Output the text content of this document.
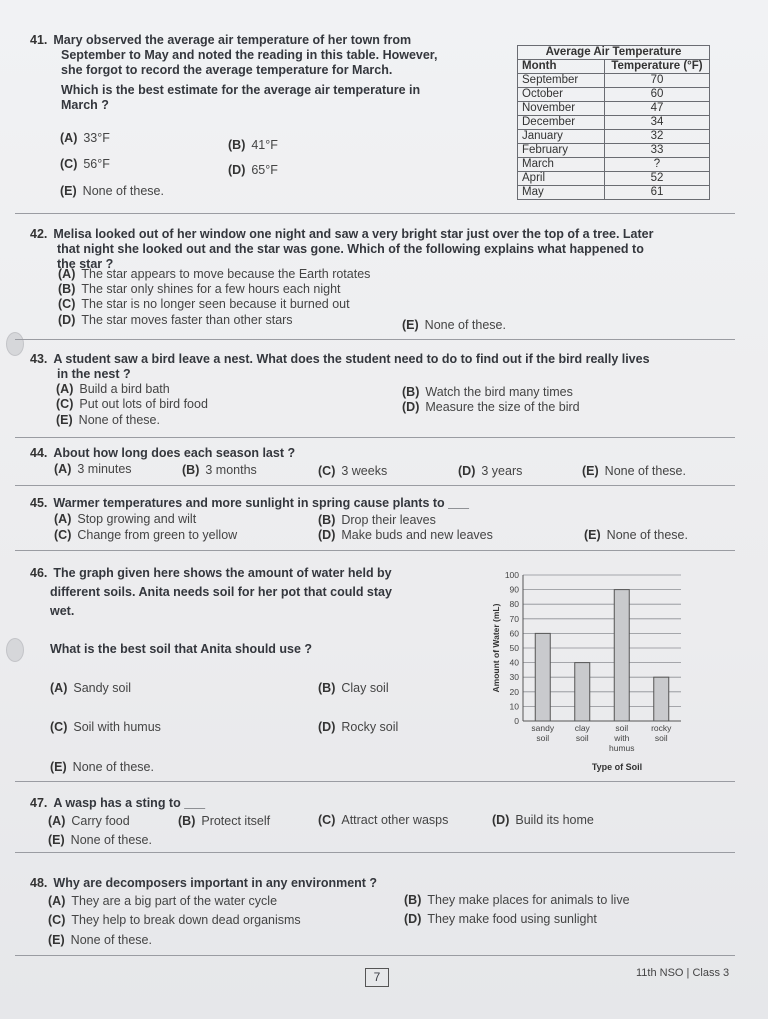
41. Mary observed the average air temperature of her town from
September to May and noted the reading in this table. However,
she forgot to record the average temperature for March.
Which is the best estimate for the average air temperature in
March ?
(A) 33°F	(B) 41°F
(C) 56°F	(D) 65°F
(E) None of these.
Average Air Temperature	
Month	Temperature (°F)
September	70
October	60
November	47
December	34
January	32
February	33
March	?
April	52
May	61
42. Melisa looked out of her window one night and saw a very bright star just over the top of a tree. Later
that night she looked out and the star was gone. Which of the following explains what happened to
the star ?
(A) The star appears to move because the Earth rotates
(B) The star only shines for a few hours each night
(C) The star is no longer seen because it burned out
(D) The star moves faster than other stars	(E) None of these.
43. A student saw a bird leave a nest. What does the student need to do to find out if the bird really lives
in the nest ?
(A) Build a bird bath	(B) Watch the bird many times
(C) Put out lots of bird food	(D) Measure the size of the bird
(E) None of these.
44. About how long does each season last ?
(A) 3 minutes	(B) 3 months	(C) 3 weeks	(D) 3 years	(E) None of these.
45. Warmer temperatures and more sunlight in spring cause plants to ___
(A) Stop growing and wilt	(B) Drop their leaves
(C) Change from green to yellow	(D) Make buds and new leaves	(E) None of these.
46. The graph given here shows the amount of water held by
different soils. Anita needs soil for her pot that could stay
wet.
What is the best soil that Anita should use ?
(A) Sandy soil	(B) Clay soil
(C) Soil with humus	(D) Rocky soil
(E) None of these.
0
10
20
30
40
50
60
70
80
90
100
sandy
soil
clay
soil
soil
with
humus
rocky
soil
Amount of Water (mL)
Type of Soil
47. A wasp has a sting to ___
(A) Carry food	(B) Protect itself	(C) Attract other wasps	(D) Build its home
(E) None of these.
48. Why are decomposers important in any environment ?
(A) They are a big part of the water cycle	(B) They make places for animals to live
(C) They help to break down dead organisms	(D) They make food using sunlight
(E) None of these.
7	11th NSO | Class 3
